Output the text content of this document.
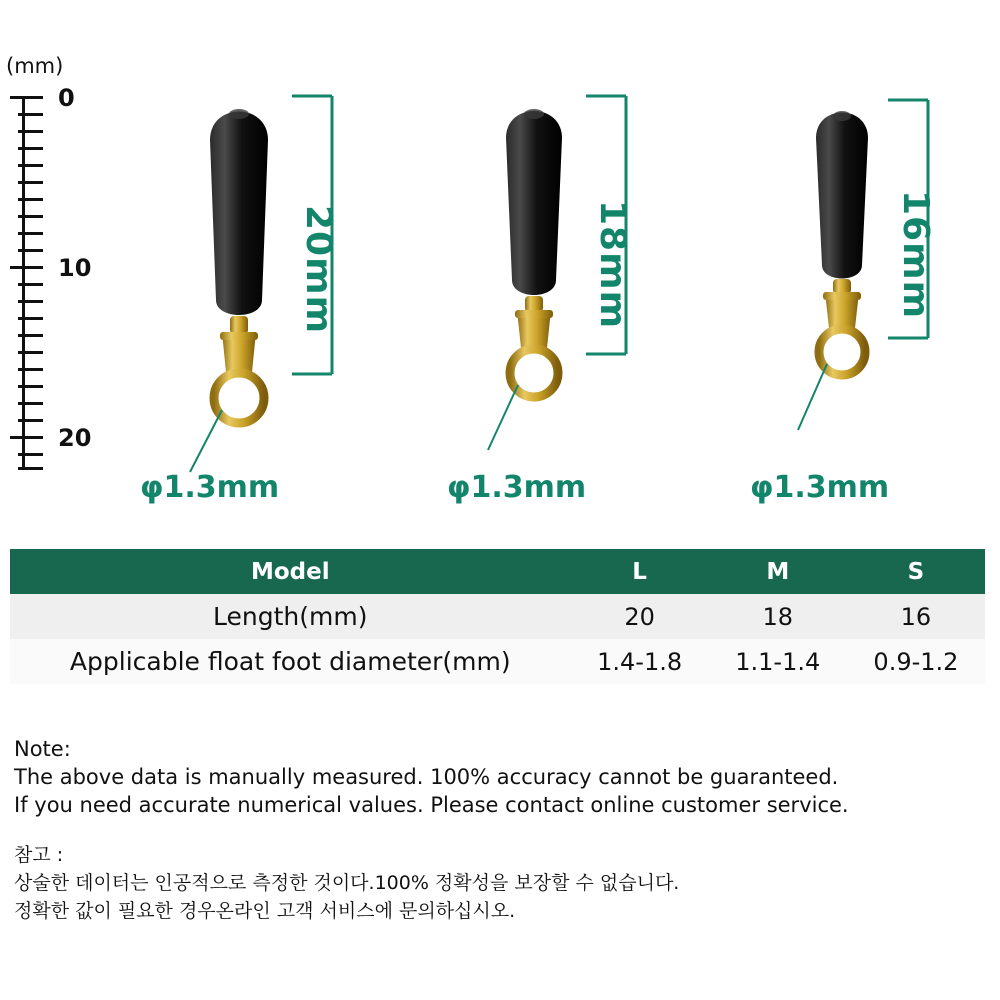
(mm)
0
10
20
20mm
φ1.3mm
18mm
φ1.3mm
16mm
φ1.3mm
Model	L	M	S
Length(mm)	20	18	16
Applicable float foot diameter(mm)	1.4-1.8	1.1-1.4	0.9-1.2
Note:
The above data is manually measured. 100% accuracy cannot be guaranteed.
If you need accurate numerical values. Please contact online customer service.
참고 :
상술한 데이터는 인공적으로 측정한 것이다.100% 정확성을 보장할 수 없습니다.
정확한 값이 필요한 경우온라인 고객 서비스에 문의하십시오.
